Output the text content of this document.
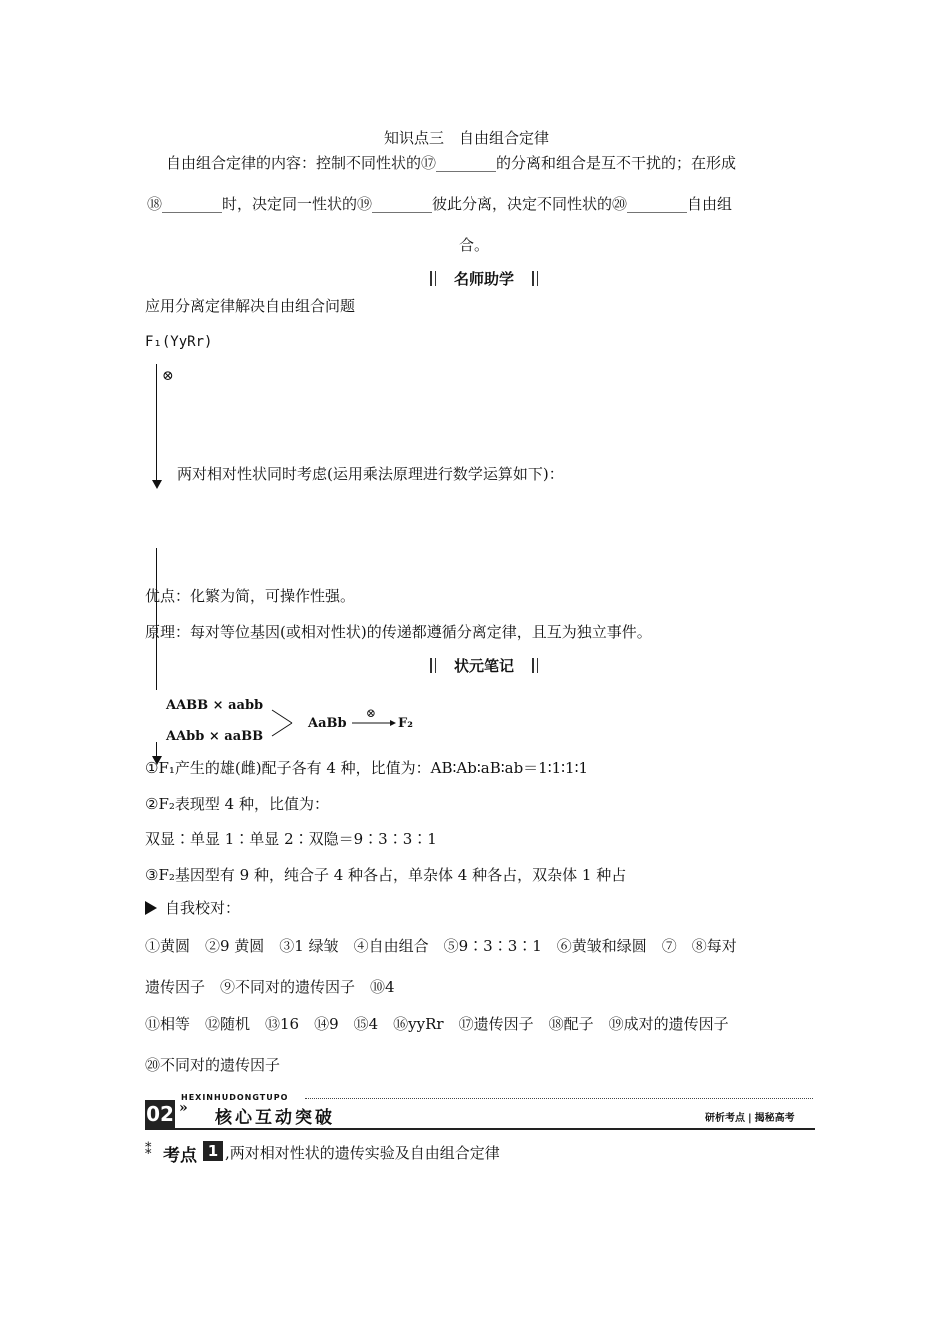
知识点三　自由组合定律
自由组合定律的内容：控制不同性状的⑰________的分离和组合是互不干扰的；在形成
⑱________时，决定同一性状的⑲________彼此分离，决定不同性状的⑳________自由组
合。
名师助学
应用分离定律解决自由组合问题
F₁(YyRr)
⊗
两对相对性状同时考虑(运用乘法原理进行数学运算如下)：
优点：化繁为简，可操作性强。
原理：每对等位基因(或相对性状)的传递都遵循分离定律，且互为独立事件。
状元笔记
AABB × aabb
AAbb × aaBB
AaBb
⊗
F₂
①F₁产生的雄(雌)配子各有 4 种，比值为：AB∶Ab∶aB∶ab＝1∶1∶1∶1
②F₂表现型 4 种，比值为：
双显∶单显 1∶单显 2∶双隐＝9∶3∶3∶1
③F₂基因型有 9 种，纯合子 4 种各占，单杂体 4 种各占，双杂体 1 种占
自我校对：
①黄圆　②9 黄圆　③1 绿皱　④自由组合　⑤9∶3∶3∶1　⑥黄皱和绿圆　⑦　⑧每对
遗传因子　⑨不同对的遗传因子　⑩4
⑪相等　⑫随机　⑬16　⑭9　⑮4　⑯yyRr　⑰遗传因子　⑱配子　⑲成对的遗传因子
⑳不同对的遗传因子
HEXINHUDONGTUPO
02 » 核心互动突破	研析考点 | 揭秘高考
⁑ 考点 1 ,两对相对性状的遗传实验及自由组合定律
